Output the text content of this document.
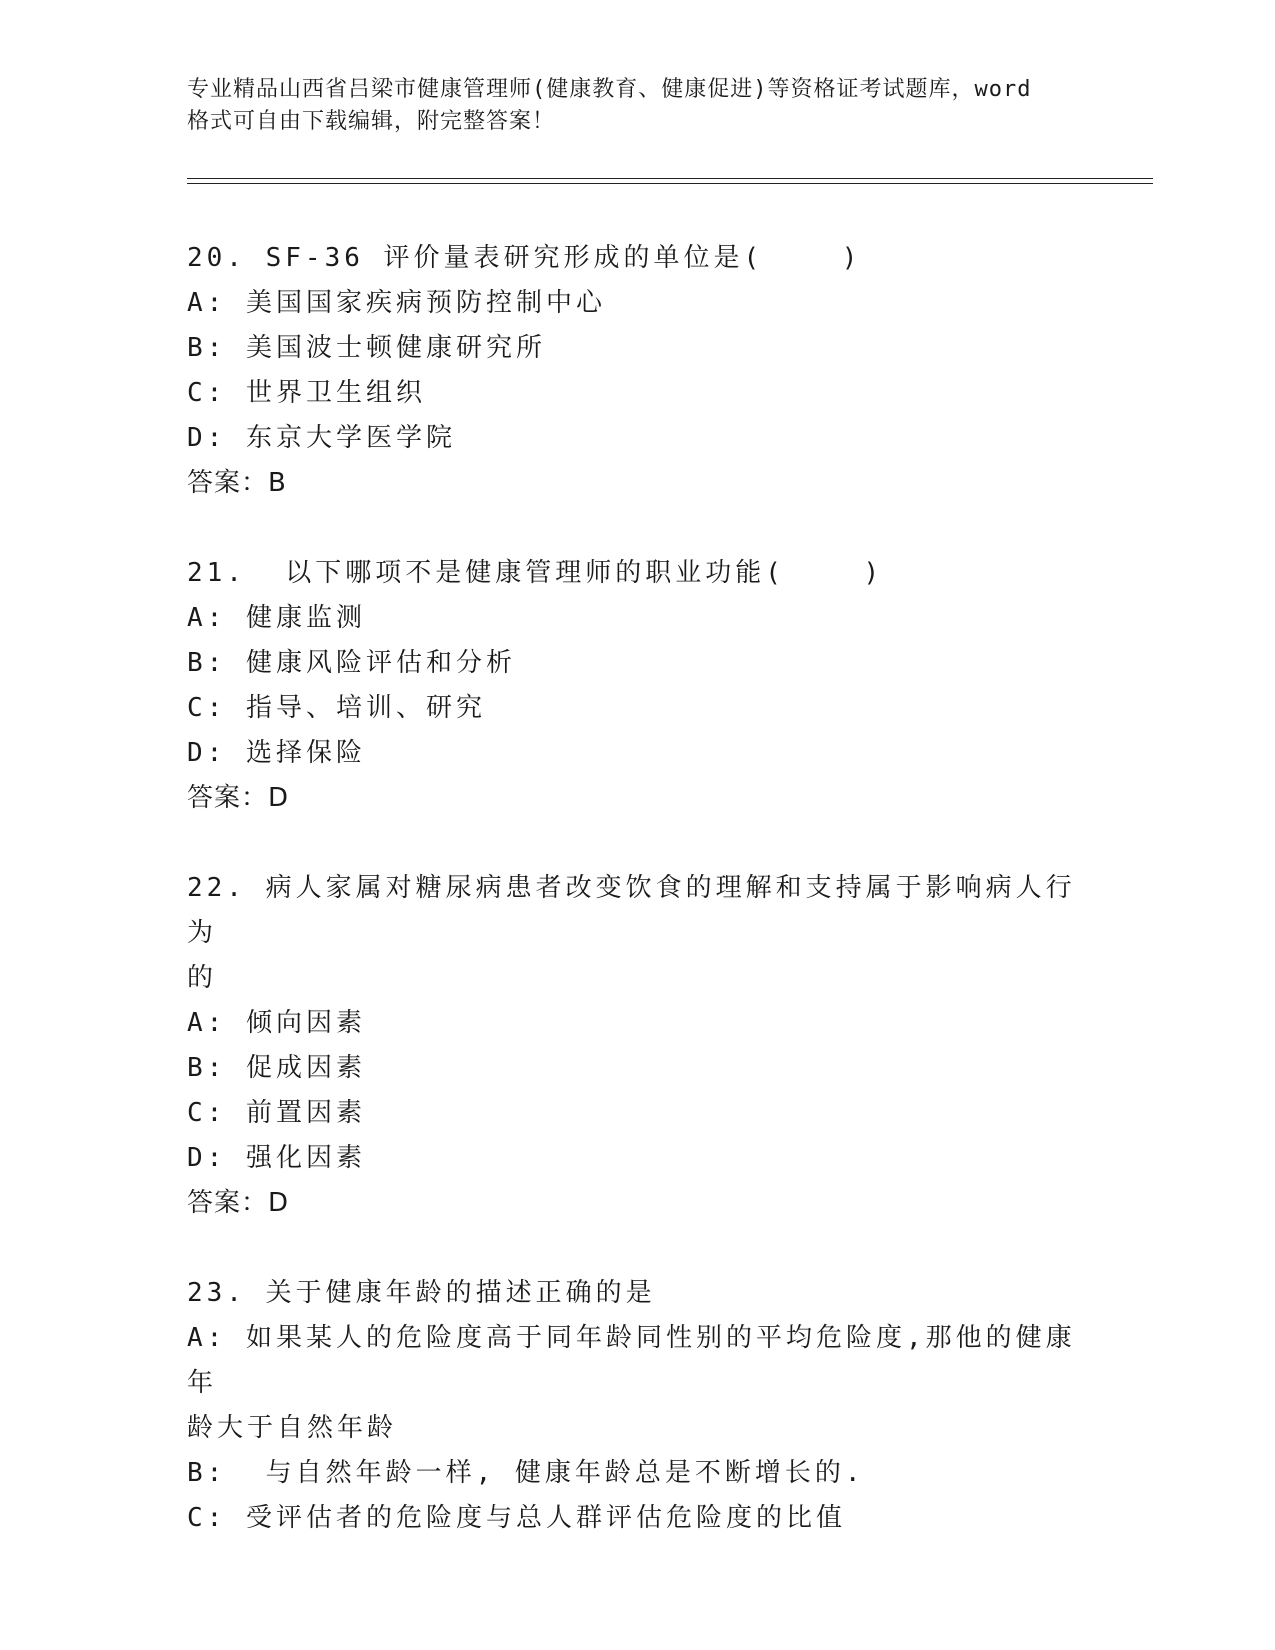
专业精品山西省吕梁市健康管理师(健康教育、健康促进)等资格证考试题库，word
格式可自由下载编辑，附完整答案！
20. SF-36 评价量表研究形成的单位是(    )
A: 美国国家疾病预防控制中心
B: 美国波士顿健康研究所
C: 世界卫生组织
D: 东京大学医学院
答案：B
21.  以下哪项不是健康管理师的职业功能(    )
A: 健康监测
B: 健康风险评估和分析
C: 指导、培训、研究
D: 选择保险
答案：D
22. 病人家属对糖尿病患者改变饮食的理解和支持属于影响病人行为
的
A: 倾向因素
B: 促成因素
C: 前置因素
D: 强化因素
答案：D
23. 关于健康年龄的描述正确的是
A: 如果某人的危险度高于同年龄同性别的平均危险度,那他的健康年
龄大于自然年龄
B:  与自然年龄一样, 健康年龄总是不断增长的.
C: 受评估者的危险度与总人群评估危险度的比值
